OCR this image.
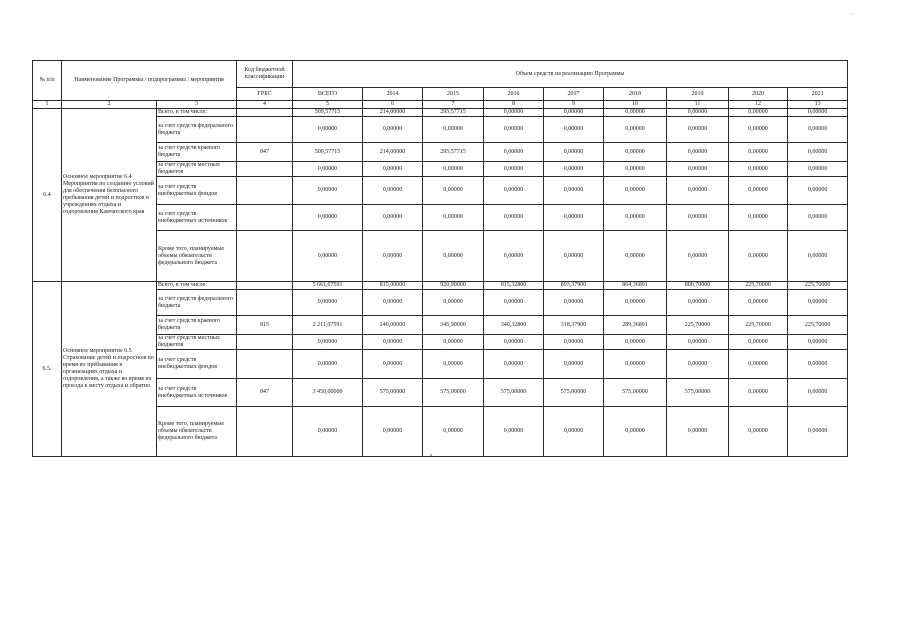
-
№ п/п	Наименование Программы / подпрограммы / мероприятия		Код бюджетной классификации	Объем средств на реализацию Программы								
			ГРБС	ВСЕГО	2014	2015	2016	2017	2018	2019	2020	2021
1	2	3	4	5	6	7	8	9	10	11	12	13
6.4	Основное мероприятие 6.4 Мероприятия по созданию условий для обеспечения безопасного пребывания детей и подростков в учреждениях отдыха и оздоровления Камчатского края	Всего, в том числе:		509,57715	214,00000	295,57715	0,00000	0,00000	0,00000	0,00000	0,00000	0,00000
		за счет средств федерального бюджета		0,00000	0,00000	0,00000	0,00000	0,00000	0,00000	0,00000	0,00000	0,00000
		за счет средств краевого бюджета	847	509,57715	214,00000	295,57715	0,00000	0,00000	0,00000	0,00000	0,00000	0,00000
		за счет средств местных бюджетов		0,00000	0,00000	0,00000	0,00000	0,00000	0,00000	0,00000	0,00000	0,00000
		за счет средств внебюджетных фондов		0,00000	0,00000	0,00000	0,00000	0,00000	0,00000	0,00000	0,00000	0,00000
		за счет средств внебюджетных источников		0,00000	0,00000	0,00000	0,00000	0,00000	0,00000	0,00000	0,00000	0,00000
		Кроме того, планируемые объемы обязательств федерального бюджета		0,00000	0,00000	0,00000	0,00000	0,00000	0,00000	0,00000	0,00000	0,00000
6.5.	Основное мероприятие 6.5 Страхование детей и подростков во время их пребывания в организациях отдыха и оздоровления, а также во время их проезда к месту отдыха и обратно	Всего, в том числе:		5 661,07591	815,00000	920,90000	915,32800	893,37900	864,36891	800,70000	225,70000	225,70000
		за счет средств федерального бюджета		0,00000	0,00000	0,00000	0,00000	0,00000	0,00000	0,00000	0,00000	0,00000
		за счет средств краевого бюджета	815	2 211,07591	240,00000	345,90000	340,32800	318,37900	289,36891	225,70000	225,70000	225,70000
		за счет средств местных бюджетов		0,00000	0,00000	0,00000	0,00000	0,00000	0,00000	0,00000	0,00000	0,00000
		за счет средств внебюджетных фондов		0,00000	0,00000	0,00000	0,00000	0,00000	0,00000	0,00000	0,00000	0,00000
		за счет средств внебюджетных источников	847	3 450,00000	575,00000	575,00000	575,00000	575,00000	575,00000	575,00000	0,00000	0,00000
		Кроме того, планируемые объемы обязательств федерального бюджета		0,00000	0,00000	0,00000	0,00000	0,00000	0,00000	0,00000	0,00000	0,00000
